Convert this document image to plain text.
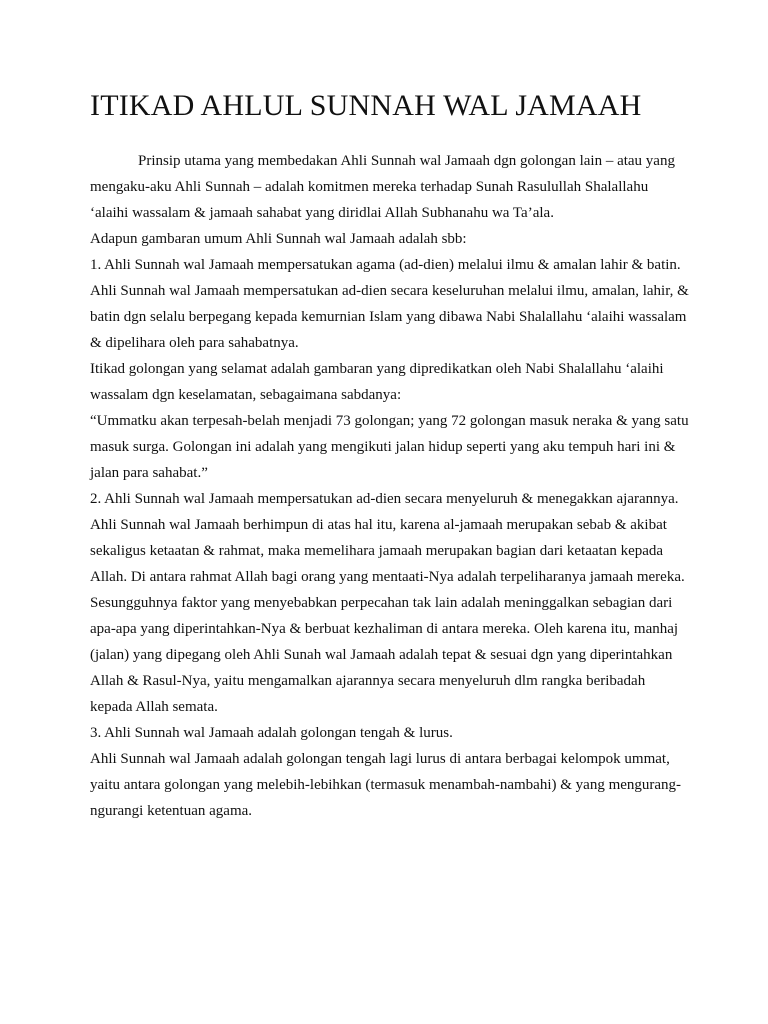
ITIKAD AHLUL SUNNAH WAL JAMAAH

Prinsip utama yang membedakan Ahli Sunnah wal Jamaah dgn golongan lain – atau yang mengaku-aku Ahli Sunnah – adalah komitmen mereka terhadap Sunah Rasulullah Shalallahu ‘alaihi wassalam & jamaah sahabat yang diridlai Allah Subhanahu wa Ta’ala.

Adapun gambaran umum Ahli Sunnah wal Jamaah adalah sbb:

1. Ahli Sunnah wal Jamaah mempersatukan agama (ad-dien) melalui ilmu & amalan lahir & batin.

Ahli Sunnah wal Jamaah mempersatukan ad-dien secara keseluruhan melalui ilmu, amalan, lahir, & batin dgn selalu berpegang kepada kemurnian Islam yang dibawa Nabi Shalallahu ‘alaihi wassalam & dipelihara oleh para sahabatnya.

Itikad golongan yang selamat adalah gambaran yang dipredikatkan oleh Nabi Shalallahu ‘alaihi wassalam dgn keselamatan, sebagaimana sabdanya:

“Ummatku akan terpesah-belah menjadi 73 golongan; yang 72 golongan masuk neraka & yang satu masuk surga. Golongan ini adalah yang mengikuti jalan hidup seperti yang aku tempuh hari ini & jalan para sahabat.”

2. Ahli Sunnah wal Jamaah mempersatukan ad-dien secara menyeluruh & menegakkan ajarannya.

Ahli Sunnah wal Jamaah berhimpun di atas hal itu, karena al-jamaah merupakan sebab & akibat sekaligus ketaatan & rahmat, maka memelihara jamaah merupakan bagian dari ketaatan kepada Allah. Di antara rahmat Allah bagi orang yang mentaati-Nya adalah terpeliharanya jamaah mereka.

Sesungguhnya faktor yang menyebabkan perpecahan tak lain adalah meninggalkan sebagian dari apa-apa yang diperintahkan-Nya & berbuat kezhaliman di antara mereka. Oleh karena itu, manhaj (jalan) yang dipegang oleh Ahli Sunah wal Jamaah adalah tepat & sesuai dgn yang diperintahkan Allah & Rasul-Nya, yaitu mengamalkan ajarannya secara menyeluruh dlm rangka beribadah kepada Allah semata.

3. Ahli Sunnah wal Jamaah adalah golongan tengah & lurus.

Ahli Sunnah wal Jamaah adalah golongan tengah lagi lurus di antara berbagai kelompok ummat, yaitu antara golongan yang melebih-lebihkan (termasuk menambah-nambahi) & yang mengurang-ngurangi ketentuan agama.
